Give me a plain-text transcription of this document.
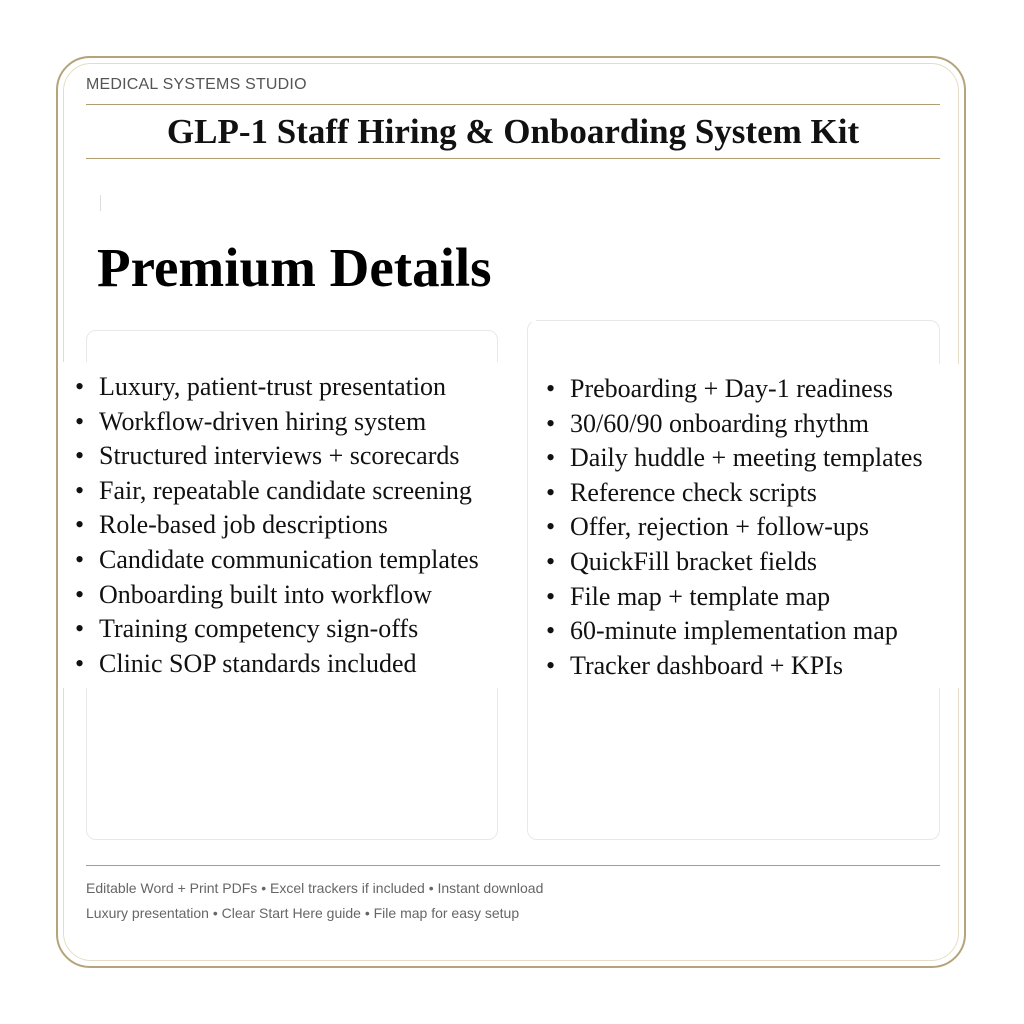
MEDICAL SYSTEMS STUDIO
GLP-1 Staff Hiring & Onboarding System Kit
Premium Details
• Luxury, patient-trust presentation
• Workflow-driven hiring system
• Structured interviews + scorecards
• Fair, repeatable candidate screening
• Role-based job descriptions
• Candidate communication templates
• Onboarding built into workflow
• Training competency sign-offs
• Clinic SOP standards included
• Preboarding + Day-1 readiness
• 30/60/90 onboarding rhythm
• Daily huddle + meeting templates
• Reference check scripts
• Offer, rejection + follow-ups
• QuickFill bracket fields
• File map + template map
• 60-minute implementation map
• Tracker dashboard + KPIs
Editable Word + Print PDFs • Excel trackers if included • Instant download
Luxury presentation • Clear Start Here guide • File map for easy setup
